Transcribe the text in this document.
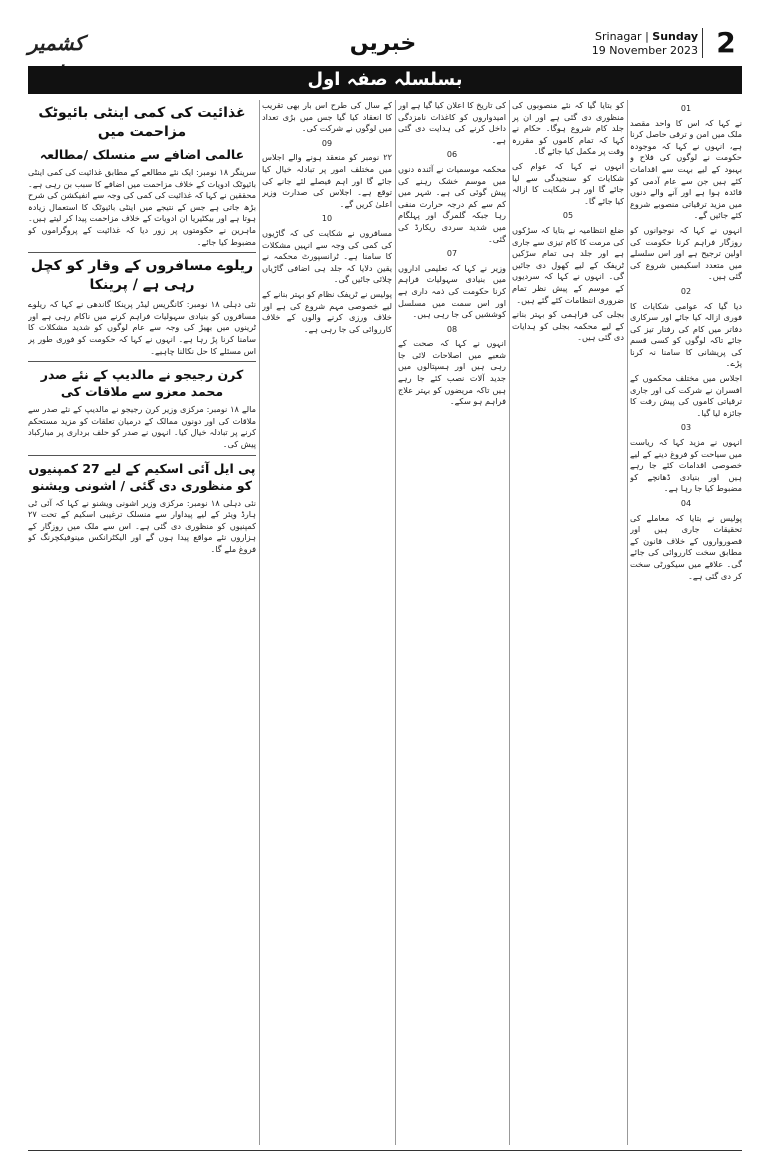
کشمیر	خبریں	Srinagar | Sunday
19 November 2023 2
بسلسلہ صفہ اول
01

نے کہا کہ اس کا واحد مقصد ملک میں امن و ترقی حاصل کرنا ہے، انہوں نے کہا کہ موجودہ حکومت نے لوگوں کی فلاح و بہبود کے لیے بہت سے اقدامات کئے ہیں جن سے عام آدمی کو فائدہ ہوا ہے اور آنے والے دنوں میں مزید ترقیاتی منصوبے شروع کئے جائیں گے۔

انہوں نے کہا کہ نوجوانوں کو روزگار فراہم کرنا حکومت کی اولین ترجیح ہے اور اس سلسلے میں متعدد اسکیمیں شروع کی گئی ہیں۔

02

دیا گیا کہ عوامی شکایات کا فوری ازالہ کیا جائے اور سرکاری دفاتر میں کام کی رفتار تیز کی جائے تاکہ لوگوں کو کسی قسم کی پریشانی کا سامنا نہ کرنا پڑے۔

اجلاس میں مختلف محکموں کے افسران نے شرکت کی اور جاری ترقیاتی کاموں کی پیش رفت کا جائزہ لیا گیا۔

03

انہوں نے مزید کہا کہ ریاست میں سیاحت کو فروغ دینے کے لیے خصوصی اقدامات کئے جا رہے ہیں اور بنیادی ڈھانچے کو مضبوط کیا جا رہا ہے۔

04

پولیس نے بتایا کہ معاملے کی تحقیقات جاری ہیں اور قصورواروں کے خلاف قانون کے مطابق سخت کارروائی کی جائے گی۔ علاقے میں سیکورٹی سخت کر دی گئی ہے۔

کو بتایا گیا کہ نئے منصوبوں کی منظوری دی گئی ہے اور ان پر جلد کام شروع ہوگا۔ حکام نے کہا کہ تمام کاموں کو مقررہ وقت پر مکمل کیا جائے گا۔

انہوں نے کہا کہ عوام کی شکایات کو سنجیدگی سے لیا جائے گا اور ہر شکایت کا ازالہ کیا جائے گا۔

05

ضلع انتظامیہ نے بتایا کہ سڑکوں کی مرمت کا کام تیزی سے جاری ہے اور جلد ہی تمام سڑکیں ٹریفک کے لیے کھول دی جائیں گی۔ انہوں نے کہا کہ سردیوں کے موسم کے پیش نظر تمام ضروری انتظامات کئے گئے ہیں۔

بجلی کی فراہمی کو بہتر بنانے کے لیے محکمہ بجلی کو ہدایات دی گئی ہیں۔

کی تاریخ کا اعلان کیا گیا ہے اور امیدواروں کو کاغذات نامزدگی داخل کرنے کی ہدایت دی گئی ہے۔

06

محکمہ موسمیات نے آئندہ دنوں میں موسم خشک رہنے کی پیش گوئی کی ہے۔ شہر میں کم سے کم درجہ حرارت منفی رہا جبکہ گلمرگ اور پہلگام میں شدید سردی ریکارڈ کی گئی۔

07

وزیر نے کہا کہ تعلیمی اداروں میں بنیادی سہولیات فراہم کرنا حکومت کی ذمہ داری ہے اور اس سمت میں مسلسل کوششیں کی جا رہی ہیں۔

08

انہوں نے کہا کہ صحت کے شعبے میں اصلاحات لائی جا رہی ہیں اور ہسپتالوں میں جدید آلات نصب کئے جا رہے ہیں تاکہ مریضوں کو بہتر علاج فراہم ہو سکے۔

کے سال کی طرح اس بار بھی تقریب کا انعقاد کیا گیا جس میں بڑی تعداد میں لوگوں نے شرکت کی۔

09

۲۲ نومبر کو منعقد ہونے والے اجلاس میں مختلف امور پر تبادلہ خیال کیا جائے گا اور اہم فیصلے لئے جانے کی توقع ہے۔ اجلاس کی صدارت وزیر اعلیٰ کریں گے۔

10

مسافروں نے شکایت کی کہ گاڑیوں کی کمی کی وجہ سے انہیں مشکلات کا سامنا ہے۔ ٹرانسپورٹ محکمہ نے یقین دلایا کہ جلد ہی اضافی گاڑیاں چلائی جائیں گی۔

پولیس نے ٹریفک نظام کو بہتر بنانے کے لیے خصوصی مہم شروع کی ہے اور خلاف ورزی کرنے والوں کے خلاف کارروائی کی جا رہی ہے۔

غذائیت کی کمی اینٹی بائیوٹک مزاحمت میں
عالمی اضافے سے منسلک /مطالعہ

سرینگر ۱۸ نومبر: ایک نئے مطالعے کے مطابق غذائیت کی کمی اینٹی بائیوٹک ادویات کے خلاف مزاحمت میں اضافے کا سبب بن رہی ہے۔ محققین نے کہا کہ غذائیت کی کمی کی وجہ سے انفیکشن کی شرح بڑھ جاتی ہے جس کے نتیجے میں اینٹی بائیوٹک کا استعمال زیادہ ہوتا ہے اور بیکٹیریا ان ادویات کے خلاف مزاحمت پیدا کر لیتے ہیں۔ ماہرین نے حکومتوں پر زور دیا کہ غذائیت کے پروگراموں کو مضبوط کیا جائے۔

ریلوے مسافروں کے وقار کو کچل رہی ہے / پرینکا

نئی دہلی ۱۸ نومبر: کانگریس لیڈر پرینکا گاندھی نے کہا کہ ریلوے مسافروں کو بنیادی سہولیات فراہم کرنے میں ناکام رہی ہے اور ٹرینوں میں بھیڑ کی وجہ سے عام لوگوں کو شدید مشکلات کا سامنا کرنا پڑ رہا ہے۔ انہوں نے کہا کہ حکومت کو فوری طور پر اس مسئلے کا حل نکالنا چاہیے۔

کرن رجیجو نے مالدیپ کے نئے صدر محمد معزو سے ملاقات کی

مالے ۱۸ نومبر: مرکزی وزیر کرن رجیجو نے مالدیپ کے نئے صدر سے ملاقات کی اور دونوں ممالک کے درمیان تعلقات کو مزید مستحکم کرنے پر تبادلہ خیال کیا۔ انہوں نے صدر کو حلف برداری پر مبارکباد پیش کی۔

پی ایل آئی اسکیم کے لیے 27 کمپنیوں کو منظوری دی گئی / اشونی ویشنو

نئی دہلی ۱۸ نومبر: مرکزی وزیر اشونی ویشنو نے کہا کہ آئی ٹی ہارڈ ویئر کے لیے پیداوار سے منسلک ترغیبی اسکیم کے تحت ۲۷ کمپنیوں کو منظوری دی گئی ہے۔ اس سے ملک میں روزگار کے ہزاروں نئے مواقع پیدا ہوں گے اور الیکٹرانکس مینوفیکچرنگ کو فروغ ملے گا۔
